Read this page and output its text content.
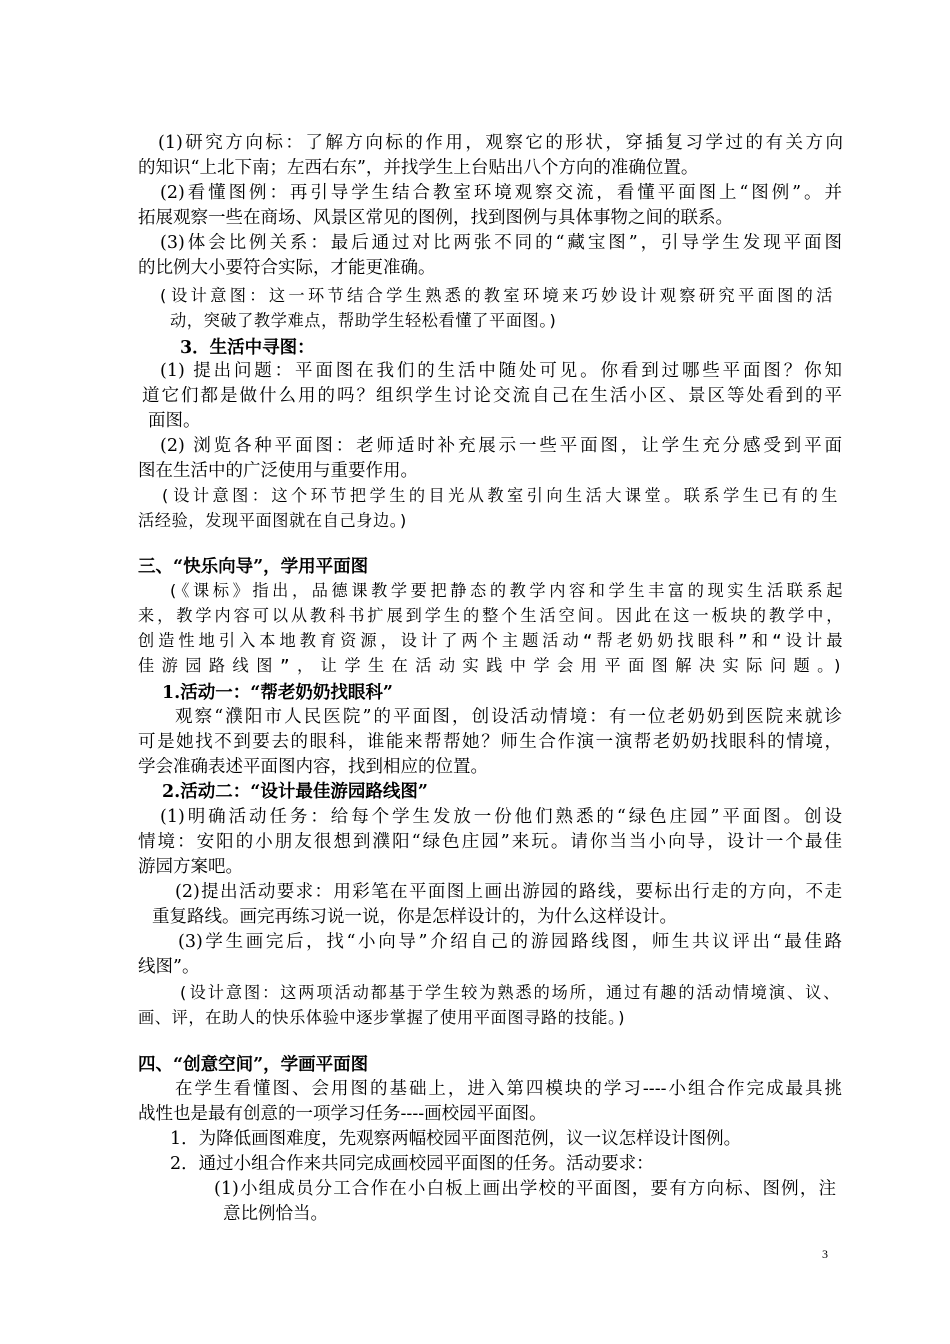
(1)研究方向标：了解方向标的作用，观察它的形状，穿插复习学过的有关方向
的知识“上北下南；左西右东”，并找学生上台贴出八个方向的准确位置。
(2)看懂图例：再引导学生结合教室环境观察交流，看懂平面图上“图例”。并
拓展观察一些在商场、风景区常见的图例，找到图例与具体事物之间的联系。
(3)体会比例关系：最后通过对比两张不同的“藏宝图”，引导学生发现平面图
的比例大小要符合实际，才能更准确。
(设计意图：这一环节结合学生熟悉的教室环境来巧妙设计观察研究平面图的活
动，突破了教学难点，帮助学生轻松看懂了平面图。)
3．生活中寻图：
(1) 提出问题：平面图在我们的生活中随处可见。你看到过哪些平面图？你知
道它们都是做什么用的吗？组织学生讨论交流自己在生活小区、景区等处看到的平
面图。
(2) 浏览各种平面图：老师适时补充展示一些平面图，让学生充分感受到平面
图在生活中的广泛使用与重要作用。
(设计意图：这个环节把学生的目光从教室引向生活大课堂。联系学生已有的生
活经验，发现平面图就在自己身边。)
三、“快乐向导”，学用平面图
(《课标》指出，品德课教学要把静态的教学内容和学生丰富的现实生活联系起
来，教学内容可以从教科书扩展到学生的整个生活空间。因此在这一板块的教学中，
创造性地引入本地教育资源，设计了两个主题活动“帮老奶奶找眼科”和“设计最
佳游园路线图”，让学生在活动实践中学会用平面图解决实际问题。)
1.活动一：“帮老奶奶找眼科”
观察“濮阳市人民医院”的平面图，创设活动情境：有一位老奶奶到医院来就诊
可是她找不到要去的眼科，谁能来帮帮她？师生合作演一演帮老奶奶找眼科的情境，
学会准确表述平面图内容，找到相应的位置。
2.活动二：“设计最佳游园路线图”
(1)明确活动任务：给每个学生发放一份他们熟悉的“绿色庄园”平面图。创设
情境：安阳的小朋友很想到濮阳“绿色庄园”来玩。请你当当小向导，设计一个最佳
游园方案吧。
(2)提出活动要求：用彩笔在平面图上画出游园的路线，要标出行走的方向，不走
重复路线。画完再练习说一说，你是怎样设计的，为什么这样设计。
(3)学生画完后，找“小向导”介绍自己的游园路线图，师生共议评出“最佳路
线图”。
(设计意图：这两项活动都基于学生较为熟悉的场所，通过有趣的活动情境演、议、
画、评，在助人的快乐体验中逐步掌握了使用平面图寻路的技能。)
四、“创意空间”，学画平面图
在学生看懂图、会用图的基础上，进入第四模块的学习----小组合作完成最具挑
战性也是最有创意的一项学习任务----画校园平面图。
1．为降低画图难度，先观察两幅校园平面图范例，议一议怎样设计图例。
2．通过小组合作来共同完成画校园平面图的任务。活动要求：
(1)小组成员分工合作在小白板上画出学校的平面图，要有方向标、图例，注
意比例恰当。
3
